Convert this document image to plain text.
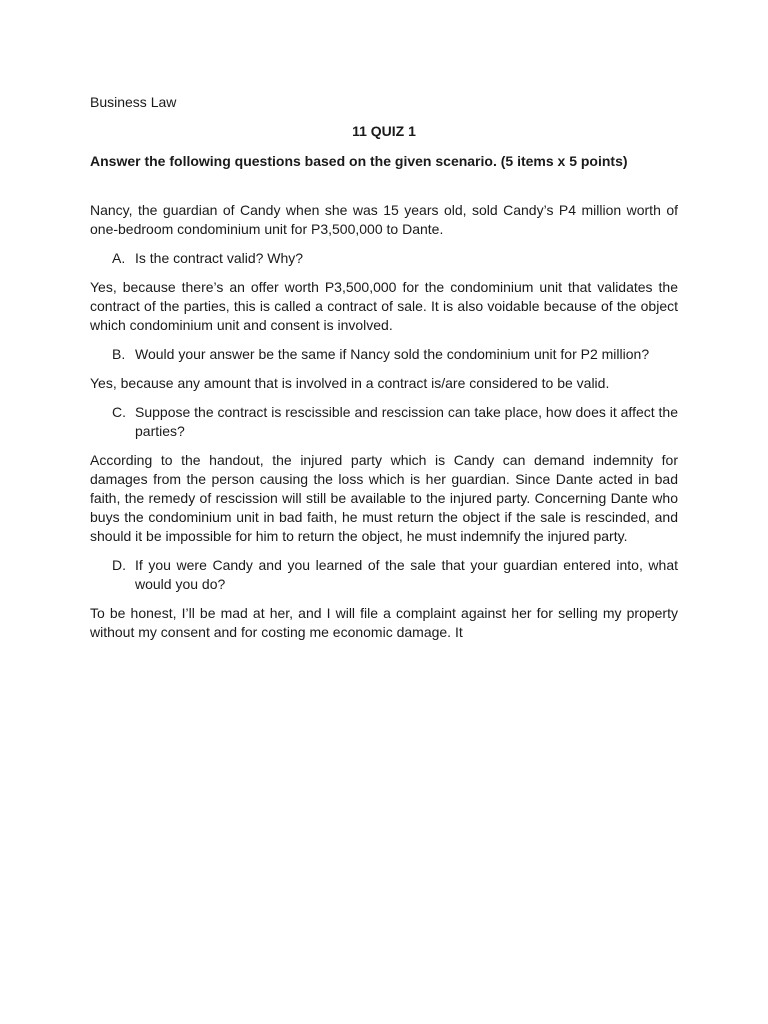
Business Law

11 QUIZ 1

Answer the following questions based on the given scenario. (5 items x 5 points)

Nancy, the guardian of Candy when she was 15 years old, sold Candy’s P4 million worth of one-bedroom condominium unit for P3,500,000 to Dante.

A. Is the contract valid? Why?

Yes, because there’s an offer worth P3,500,000 for the condominium unit that validates the contract of the parties, this is called a contract of sale. It is also voidable because of the object which condominium unit and consent is involved.

B. Would your answer be the same if Nancy sold the condominium unit for P2 million?

Yes, because any amount that is involved in a contract is/are considered to be valid.

C. Suppose the contract is rescissible and rescission can take place, how does it affect the parties?

According to the handout, the injured party which is Candy can demand indemnity for damages from the person causing the loss which is her guardian. Since Dante acted in bad faith, the remedy of rescission will still be available to the injured party. Concerning Dante who buys the condominium unit in bad faith, he must return the object if the sale is rescinded, and should it be impossible for him to return the object, he must indemnify the injured party.

D. If you were Candy and you learned of the sale that your guardian entered into, what would you do?

To be honest, I’ll be mad at her, and I will file a complaint against her for selling my property without my consent and for costing me economic damage. It
